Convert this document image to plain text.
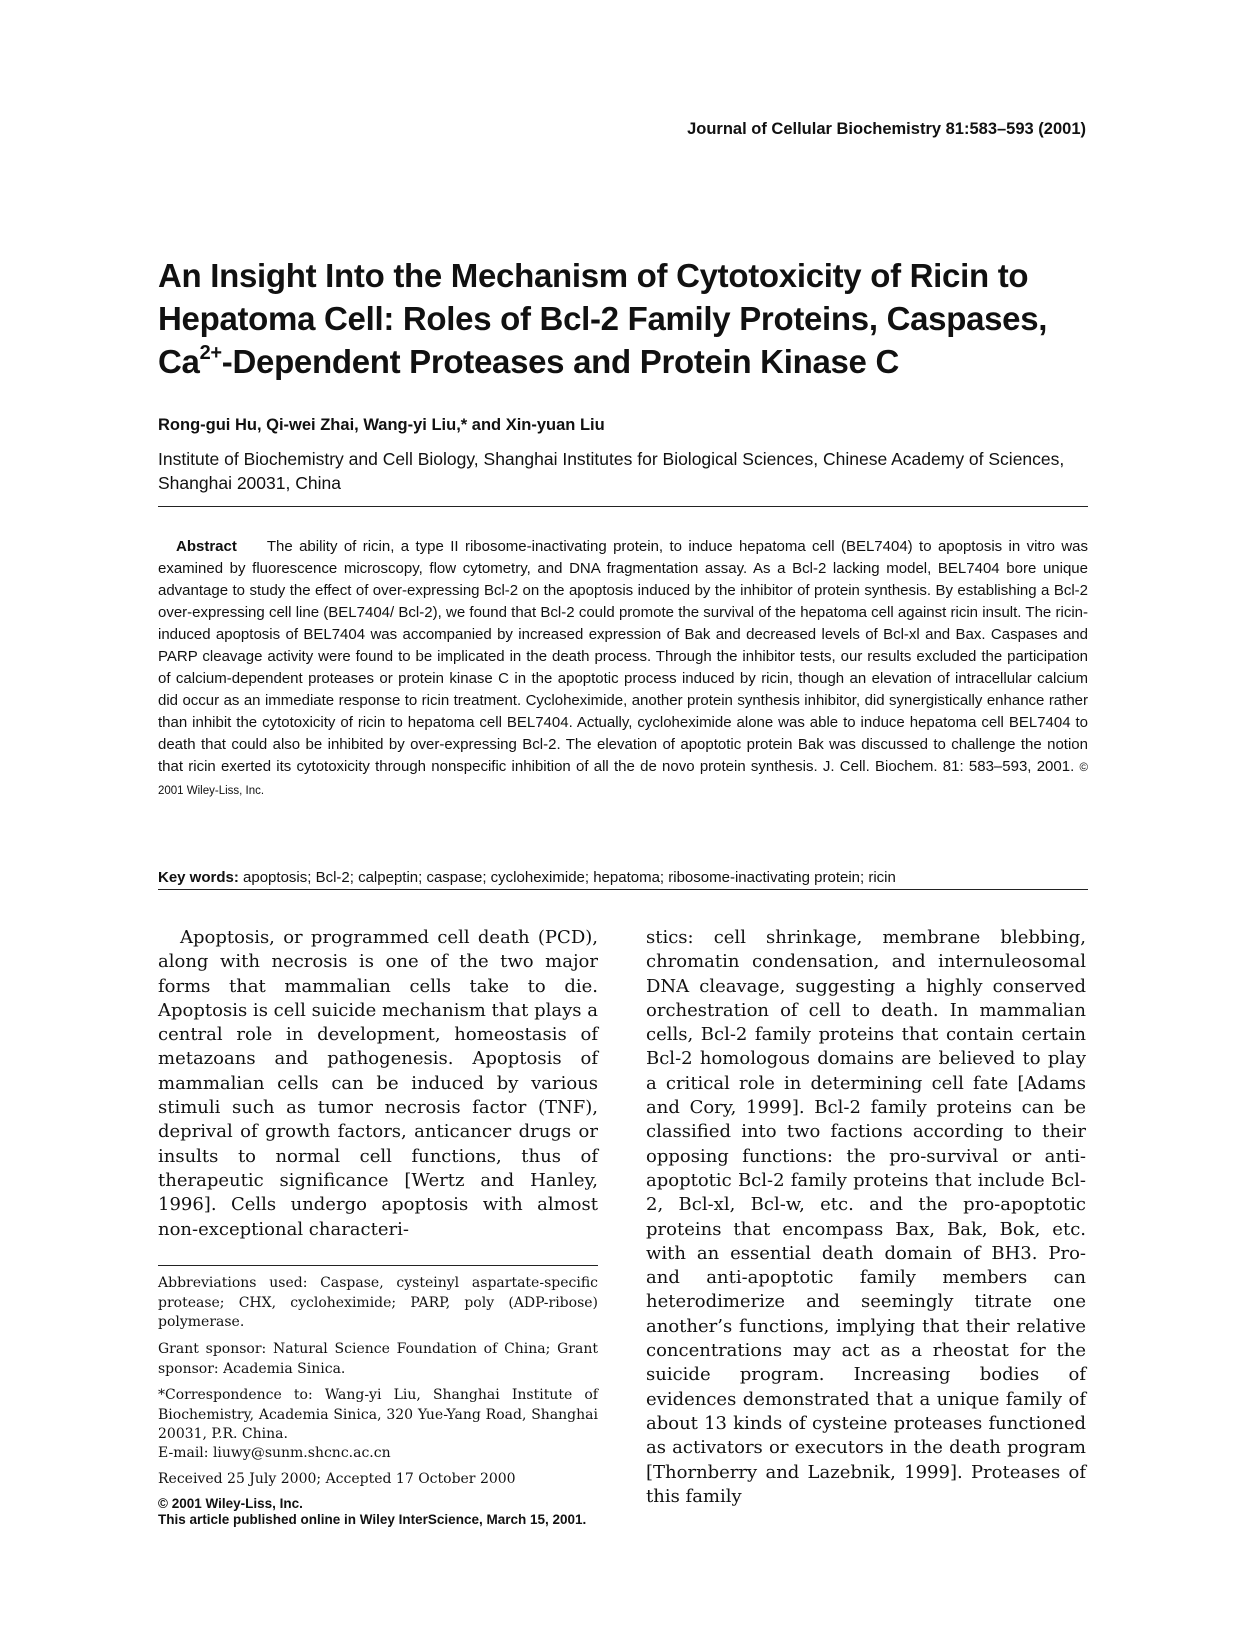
Journal of Cellular Biochemistry 81:583–593 (2001)
An Insight Into the Mechanism of Cytotoxicity of Ricin to Hepatoma Cell: Roles of Bcl-2 Family Proteins, Caspases, $Ca^{2+}$-Dependent Proteases and Protein Kinase C
Rong-gui Hu, Qi-wei Zhai, Wang-yi Liu,* and Xin-yuan Liu
Institute of Biochemistry and Cell Biology, Shanghai Institutes for Biological Sciences, Chinese Academy of Sciences, Shanghai 20031, China
Abstract The ability of ricin, a type II ribosome-inactivating protein, to induce hepatoma cell (BEL7404) to apoptosis in vitro was examined by fluorescence microscopy, flow cytometry, and DNA fragmentation assay. As a Bcl-2 lacking model, BEL7404 bore unique advantage to study the effect of over-expressing Bcl-2 on the apoptosis induced by the inhibitor of protein synthesis. By establishing a Bcl-2 over-expressing cell line (BEL7404/ Bcl-2), we found that Bcl-2 could promote the survival of the hepatoma cell against ricin insult. The ricin-induced apoptosis of BEL7404 was accompanied by increased expression of Bak and decreased levels of Bcl-xl and Bax. Caspases and PARP cleavage activity were found to be implicated in the death process. Through the inhibitor tests, our results excluded the participation of calcium-dependent proteases or protein kinase C in the apoptotic process induced by ricin, though an elevation of intracellular calcium did occur as an immediate response to ricin treatment. Cycloheximide, another protein synthesis inhibitor, did synergistically enhance rather than inhibit the cytotoxicity of ricin to hepatoma cell BEL7404. Actually, cycloheximide alone was able to induce hepatoma cell BEL7404 to death that could also be inhibited by over-expressing Bcl-2. The elevation of apoptotic protein Bak was discussed to challenge the notion that ricin exerted its cytotoxicity through nonspecific inhibition of all the de novo protein synthesis. J. Cell. Biochem. 81: 583–593, 2001. © 2001 Wiley-Liss, Inc.
Key words: apoptosis; Bcl-2; calpeptin; caspase; cycloheximide; hepatoma; ribosome-inactivating protein; ricin

Apoptosis, or programmed cell death (PCD), along with necrosis is one of the two major forms that mammalian cells take to die. Apoptosis is cell suicide mechanism that plays a central role in development, homeostasis of metazoans and pathogenesis. Apoptosis of mammalian cells can be induced by various stimuli such as tumor necrosis factor (TNF), deprival of growth factors, anticancer drugs or insults to normal cell functions, thus of therapeutic significance [Wertz and Hanley, 1996]. Cells undergo apoptosis with almost non-exceptional characteri-

stics: cell shrinkage, membrane blebbing, chromatin condensation, and internuleosomal DNA cleavage, suggesting a highly conserved orchestration of cell to death. In mammalian cells, Bcl-2 family proteins that contain certain Bcl-2 homologous domains are believed to play a critical role in determining cell fate [Adams and Cory, 1999]. Bcl-2 family proteins can be classified into two factions according to their opposing functions: the pro-survival or anti-apoptotic Bcl-2 family proteins that include Bcl-2, Bcl-xl, Bcl-w, etc. and the pro-apoptotic proteins that encompass Bax, Bak, Bok, etc. with an essential death domain of BH3. Pro- and anti-apoptotic family members can heterodimerize and seemingly titrate one another’s functions, implying that their relative concentrations may act as a rheostat for the suicide program. Increasing bodies of evidences demonstrated that a unique family of about 13 kinds of cysteine proteases functioned as activators or executors in the death program [Thornberry and Lazebnik, 1999]. Proteases of this family

Abbreviations used: Caspase, cysteinyl aspartate-specific protease; CHX, cycloheximide; PARP, poly (ADP-ribose) polymerase.

Grant sponsor: Natural Science Foundation of China; Grant sponsor: Academia Sinica.

*Correspondence to: Wang-yi Liu, Shanghai Institute of Biochemistry, Academia Sinica, 320 Yue-Yang Road, Shanghai 20031, P.R. China.

E-mail: liuwy@sunm.shcnc.ac.cn

Received 25 July 2000; Accepted 17 October 2000

© 2001 Wiley-Liss, Inc.
This article published online in Wiley InterScience, March 15, 2001.
